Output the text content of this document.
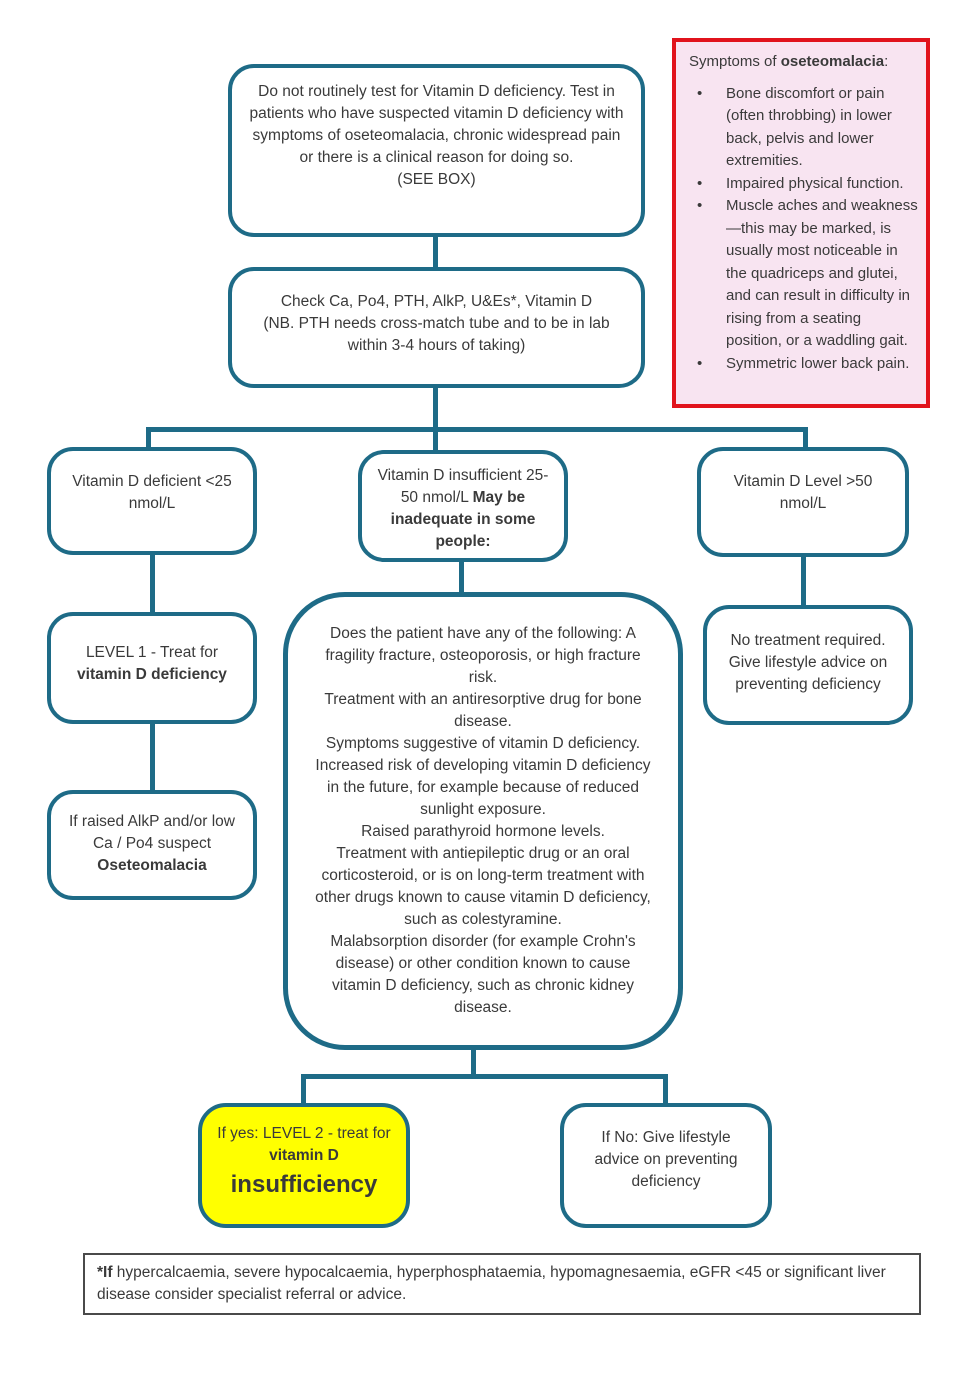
Do not routinely test for Vitamin D deficiency. Test in patients who have suspected vitamin D deficiency with symptoms of oseteomalacia, chronic widespread pain or there is a clinical reason for doing so.
(SEE BOX)

Symptoms of oseteomalacia:

• Bone discomfort or pain (often throbbing) in lower back, pelvis and lower extremities.
• Impaired physical function.
• Muscle aches and weakness —this may be marked, is usually most noticeable in the quadriceps and glutei, and can result in difficulty in rising from a seating position, or a waddling gait.
• Symmetric lower back pain.
Check Ca, Po4, PTH, AlkP, U&Es*, Vitamin D
(NB. PTH needs cross-match tube and to be in lab within 3-4 hours of taking)
Vitamin D deficient <25 nmol/L
Vitamin D insufficient 25- 50 nmol/L May be inadequate in some people:
Vitamin D Level >50 nmol/L
LEVEL 1 - Treat for vitamin D deficiency
If raised AlkP and/or low Ca / Po4 suspect Oseteomalacia
Does the patient have any of the following: A fragility fracture, osteoporosis, or high fracture risk.
Treatment with an antiresorptive drug for bone disease.
Symptoms suggestive of vitamin D deficiency.
Increased risk of developing vitamin D deficiency in the future, for example because of reduced sunlight exposure.
Raised parathyroid hormone levels.
Treatment with antiepileptic drug or an oral corticosteroid, or is on long-term treatment with other drugs known to cause vitamin D deficiency, such as colestyramine.
Malabsorption disorder (for example Crohn's disease) or other condition known to cause vitamin D deficiency, such as chronic kidney disease.
No treatment required. Give lifestyle advice on preventing deficiency
If yes: LEVEL 2 - treat for vitamin D
insufficiency
If No: Give lifestyle advice on preventing deficiency
*If hypercalcaemia, severe hypocalcaemia, hyperphosphataemia, hypomagnesaemia, eGFR <45 or significant liver disease consider specialist referral or advice.
